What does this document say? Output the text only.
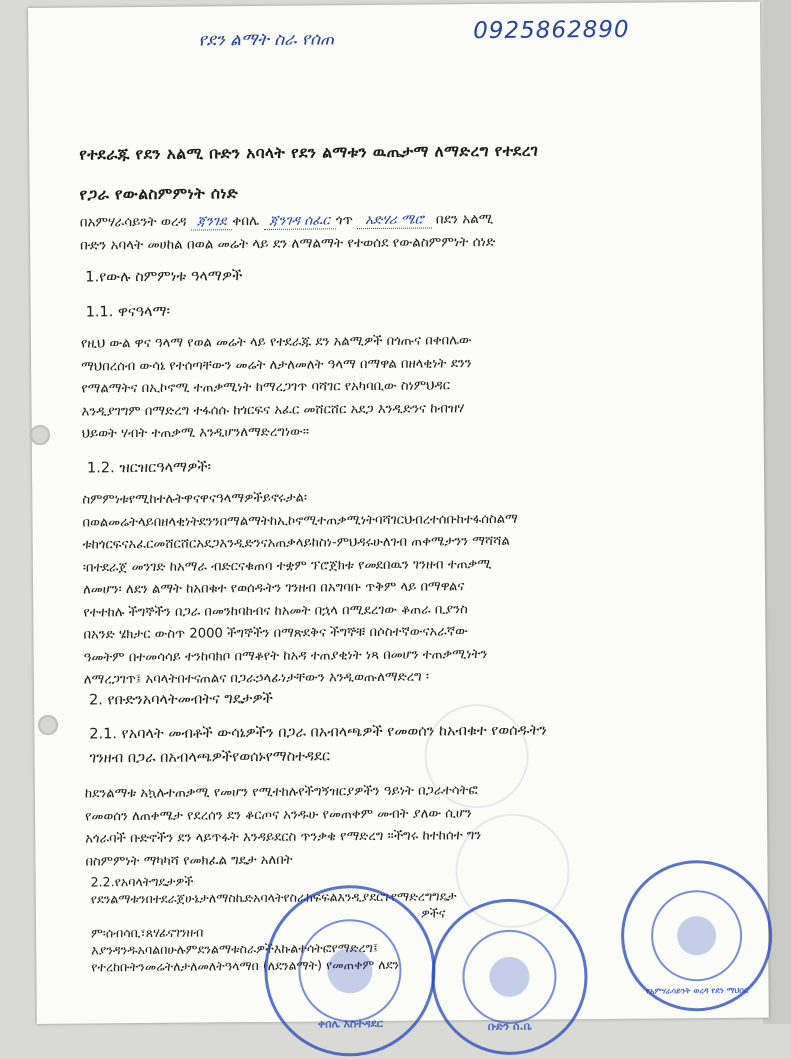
የደን ልማት ስራ የሰጠ	0925862890
የተደራጁ የደን አልሚ ቡድን አባላት የደን ልማቱን ዉጤታማ ለማድረግ የተደረገ
የጋራ የውልስምምነት ሰነድ
በአምሃራሳይንት ወረዳ ጃንገደ ቀበሌ ጃንገዳ ሰፈር ጎጥ አድሃሪ ሜሮ በደን አልሚ
ቡድን አባላት መሀከል በወል መሬት ላይ ደን ለማልማት የተወሰደ የውልስምምነት ሰነድ
1.የውሉ ስምምነቱ ዓላማዎች
1.1. ዋናዓላማ፡

የዚህ ውል ዋና ዓላማ የወል መሬት ላይ የተደራጁ ደን አልሚዎች በጎጡና በቀበሌው

ማህበረሰብ ውሳኔ የተሰጣቸውን መሬት ለታለመለት ዓላማ በማዋል በዘላቂነት ደንን

የማልማትና በኢኮኖሚ ተጠቃሚነት ከማረጋገጥ ባሻገር የአካባቢው ስነምህዳር

እንዲያገግም በማድረግ ተፋሰሱ ከጎርፍና አፈር መሸርሸር አደጋ እንዲድንና ከብዝሃ

ህይወት ሃብት ተጠቃሚ እንዲሆንለማድረግነው፡፡

1.2. ዝርዝርዓላማዎች፡

ስምምነቱየሚከተሉትዋናዋናዓላማዎችይኖሩታል፡

በወልመሬትላይበዘላቂነትደንንበማልማትከኢኮኖሚተጠቃሚነትባሻገርህብረተሰቡከተፋሰስልማ

ቱከጎርፍናአፈርመሸርሸርአደጋእንዲድንናአጠቃላይከስነ-ምህዳሩሁለገብ ጠቀሜታንን ማሻሻል

፡በተደራጀ መንገድ ከአማራ ብድርናቁጠባ ተቋም ፕሮጀክቱ የመደበዉን ገንዘብ ተጠቃሚ

ለመሆን፡ ለደን ልማት ከአበቁተ የወሰዱትን ገንዘብ በአግባቡ ጥቅም ላይ በማዋልና

የተተከሉ ችግኞችን በጋራ በመንከባከብና ከአመት በኋላ በሚደረገው ቆጠራ ቢያንስ

በአንድ ሄክታር ውስጥ 2000 ችግኞችን በማጽደቅና ችግኞቹ በሶስተኛውናአራኛው

ዓመትም በተመሳሳይ ተንከባክቦ በማቆየት ከአዳ ተጠያቂነት ነጻ በመሆን ተጠቃሚነትን

ለማረጋገጥ፤ አባላትበተናጠልና በጋራኃላፊነታቸውን እንዲወጡለማድረግ ፡

2. የቡድንአባላትመብትና ግዴታዎች
2.1. የአባላት መብቶች ውሳኔዎችን በጋራ በአብላጫዎች የመወሰን ከአብቁተ የወሰዱትን
ገንዘብ በጋራ በአብላጫዎችየወሰኑየማስተዳደር

ከደንልማቱ አኳሉተጠቃሚ የመሆን የሚተከሉየችግኝዝርያዎችን ዓይነት በጋራተሳትፎ

የመወሰን ለጠቀሜታ የደረሰን ደን ቆርጦና አንዱሁ የመጠቀም መብት ያለው ሲሆን

አጎራባች ቡድኖችን ደን ላይጥፋት እንዳይደርስ ጥንቃቄ የማድረግ ፡፡ችግሩ ከተከሰተ ግን

በስምምነት ማካካሻ የመክፈል ግዴታ አለበት

2.2.የአባላትግዴታዎች

የደንልማቱንበተደራጀሁኔታለማስኬድአባላትየስራክፍፍልእንዲያደርጉየማድረግግዴታ

ዎችና

ም፡ሰብሳቢ፣ጸሃፊናገንዘብ

እያንዳንዱአባልበሁሉምደንልማቱስራዎችእኩልተሳትፎየማድረግ፤

የተረከቡትንመሬትለታለመለትዓላማበ (ለደንልማት) የመጠቀም ለደን

ቀበሌ አስተዳደር	ቡድን ሰ.ቤ
የአምሃራሳይንት ወረዳ የደን ማህበር
